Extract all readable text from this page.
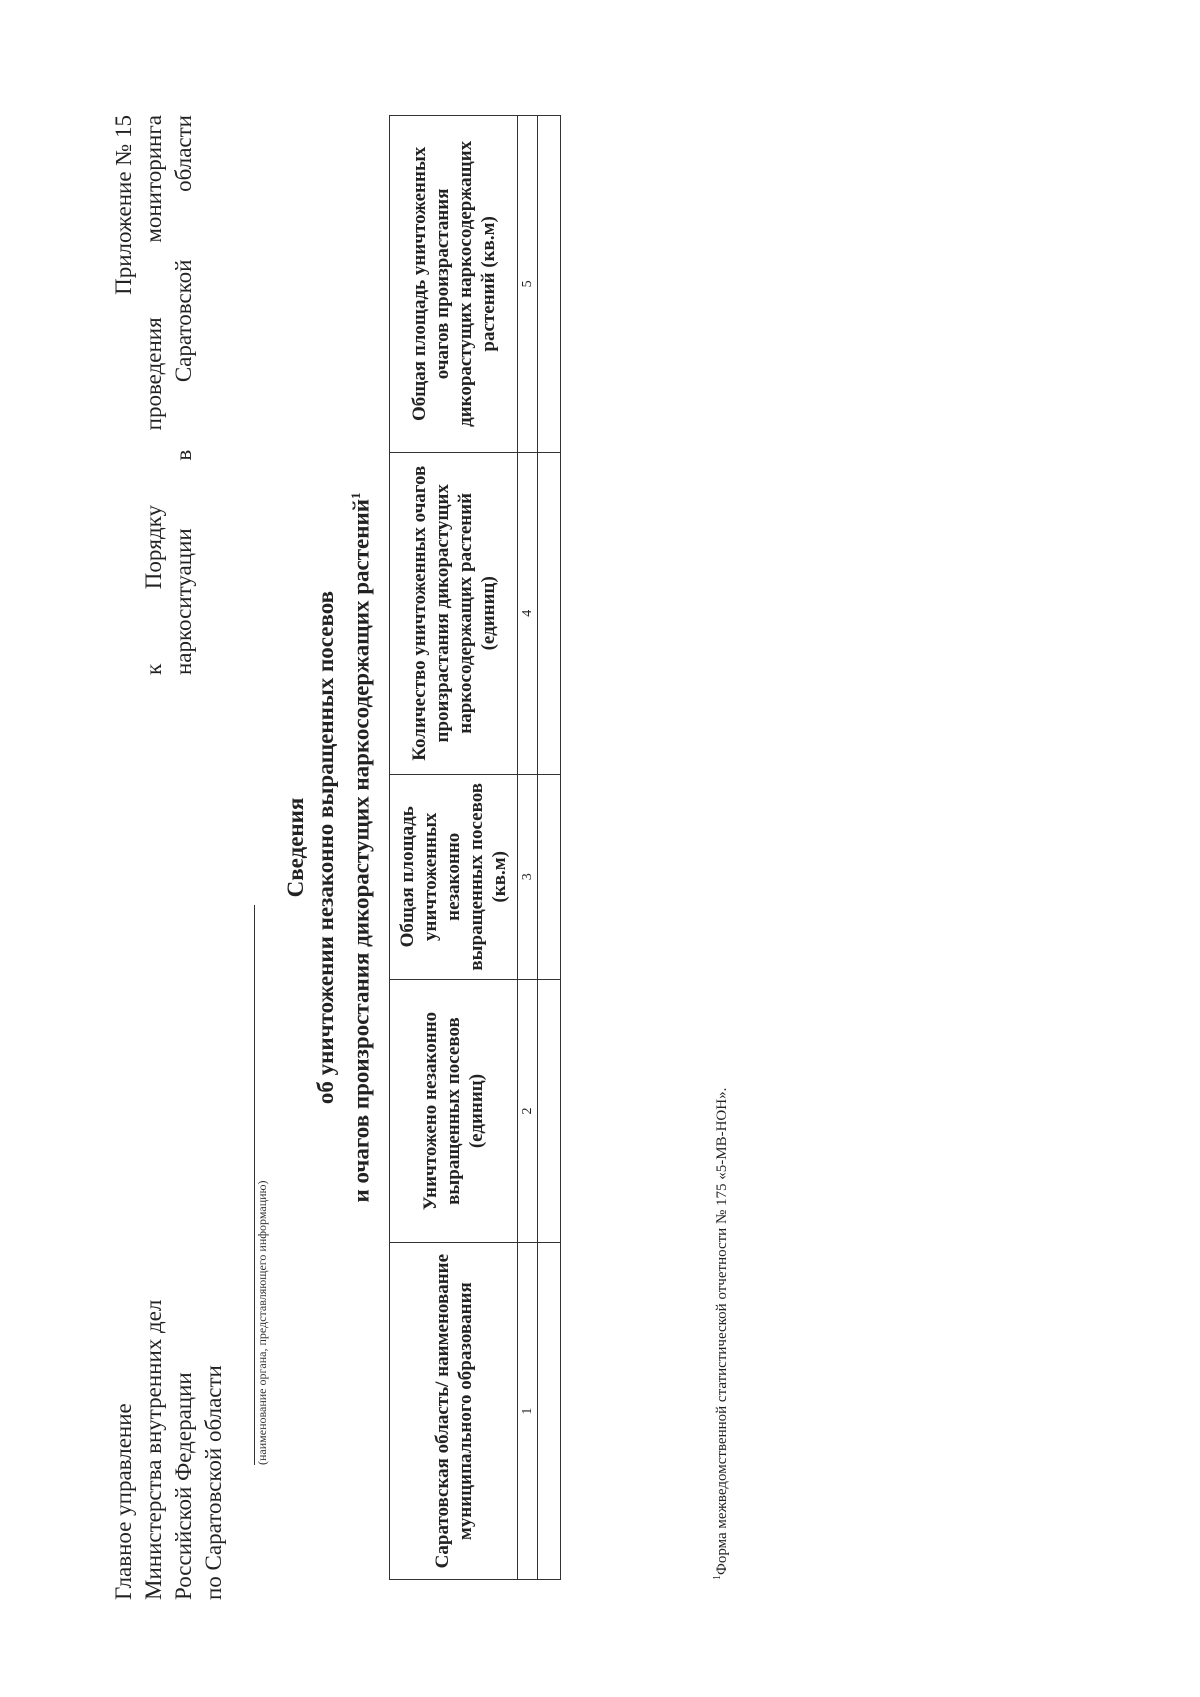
Главное управление Министерства внутренних дел Российской Федерации по Саратовской области
Приложение № 15 к Порядку проведения мониторинга наркоситуации в Саратовской области
(наименование органа, представляющего информацию)
Сведения об уничтожении незаконно выращенных посевов и очагов произростания дикорастущих наркосодержащих растений$^1$
Саратовская область/ наименование муниципального образования	Уничтожено незаконно выращенных посевов (единиц)	Общая площадь уничтоженных незаконно выращенных посевов (кв.м)	Количество уничтоженных очагов произрастания дикорастущих наркосодержащих растений (единиц)	Общая площадь уничтоженных очагов произрастания дикорастущих наркосодержащих растений (кв.м)
1	2	3	4	5

$^1$Форма межведомственной статистической отчетности № 175 «5-МВ-НОН».
